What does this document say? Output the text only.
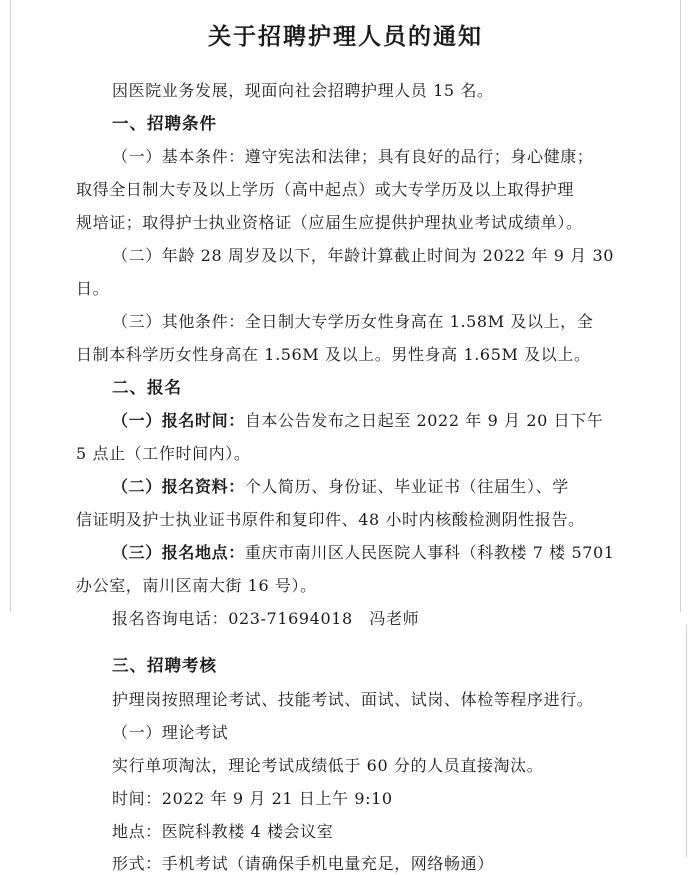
关于招聘护理人员的通知
因医院业务发展，现面向社会招聘护理人员 15 名。
一、招聘条件
（一）基本条件：遵守宪法和法律；具有良好的品行；身心健康；
取得全日制大专及以上学历（高中起点）或大专学历及以上取得护理
规培证；取得护士执业资格证（应届生应提供护理执业考试成绩单）。
（二）年龄 28 周岁及以下，年龄计算截止时间为 2022 年 9 月 30
日。
（三）其他条件：全日制大专学历女性身高在 1.58M 及以上，全
日制本科学历女性身高在 1.56M 及以上。男性身高 1.65M 及以上。
二、报名
（一）报名时间：自本公告发布之日起至 2022 年 9 月 20 日下午
5 点止（工作时间内）。
（二）报名资料：个人简历、身份证、毕业证书（往届生）、学
信证明及护士执业证书原件和复印件、48 小时内核酸检测阴性报告。
（三）报名地点：重庆市南川区人民医院人事科（科教楼 7 楼 5701
办公室，南川区南大街 16 号）。
报名咨询电话：023-71694018　冯老师
三、招聘考核
护理岗按照理论考试、技能考试、面试、试岗、体检等程序进行。
（一）理论考试
实行单项淘汰，理论考试成绩低于 60 分的人员直接淘汰。
时间：2022 年 9 月 21 日上午 9:10
地点：医院科教楼 4 楼会议室
形式：手机考试（请确保手机电量充足，网络畅通）
